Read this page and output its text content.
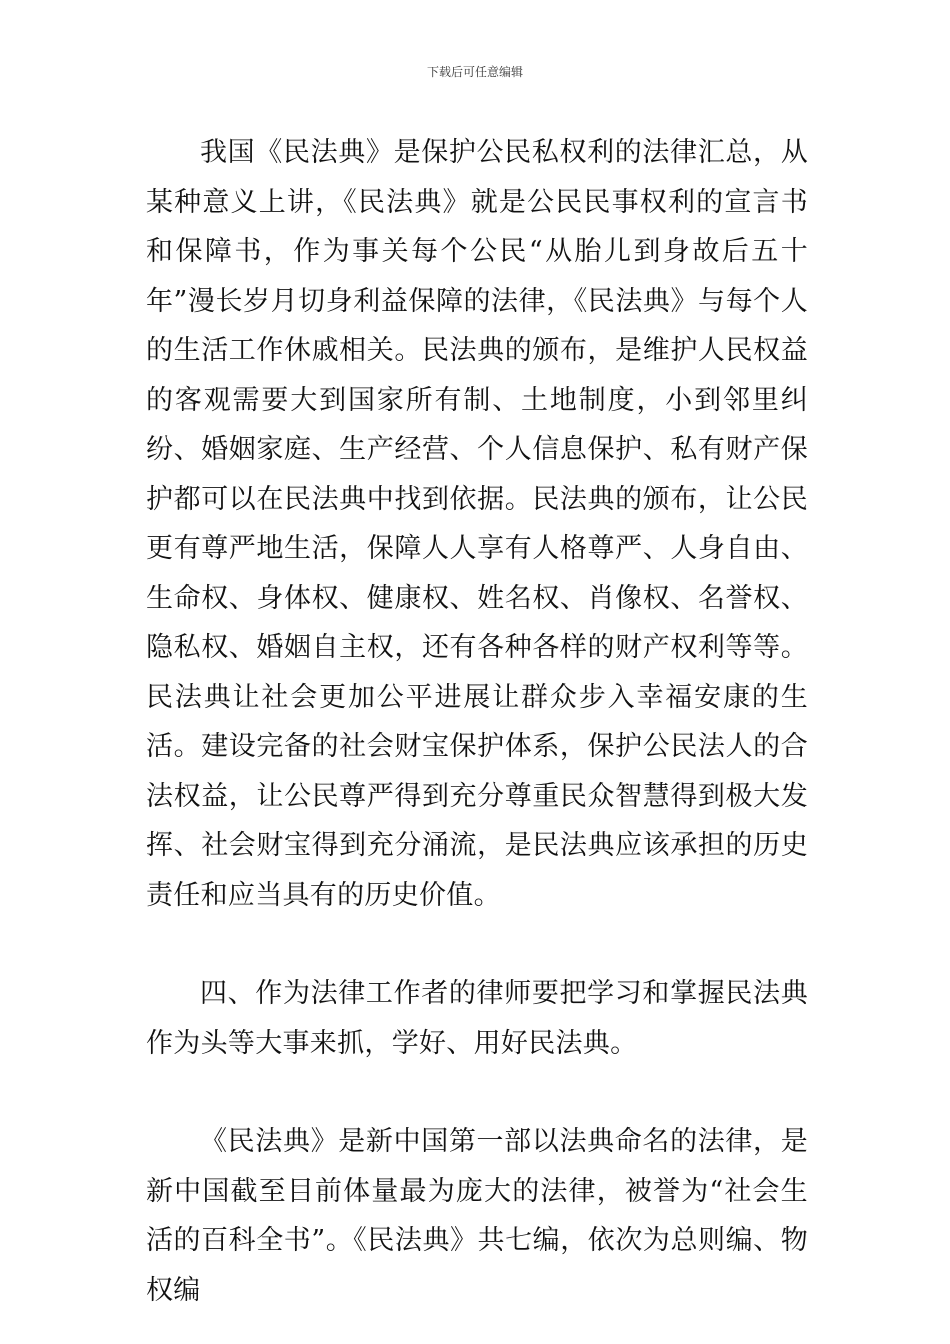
下载后可任意编辑

我国《民法典》是保护公民私权利的法律汇总，从某种意义上讲，《民法典》就是公民民事权利的宣言书和保障书，作为事关每个公民“从胎儿到身故后五十年”漫长岁月切身利益保障的法律，《民法典》与每个人的生活工作休戚相关。民法典的颁布，是维护人民权益的客观需要大到国家所有制、土地制度，小到邻里纠纷、婚姻家庭、生产经营、个人信息保护、私有财产保护都可以在民法典中找到依据。民法典的颁布，让公民更有尊严地生活，保障人人享有人格尊严、人身自由、生命权、身体权、健康权、姓名权、肖像权、名誉权、隐私权、婚姻自主权，还有各种各样的财产权利等等。民法典让社会更加公平进展让群众步入幸福安康的生活。建设完备的社会财宝保护体系，保护公民法人的合法权益，让公民尊严得到充分尊重民众智慧得到极大发挥、社会财宝得到充分涌流，是民法典应该承担的历史责任和应当具有的历史价值。

四、作为法律工作者的律师要把学习和掌握民法典作为头等大事来抓，学好、用好民法典。

《民法典》是新中国第一部以法典命名的法律，是新中国截至目前体量最为庞大的法律，被誉为“社会生活的百科全书”。《民法典》共七编，依次为总则编、物权编
